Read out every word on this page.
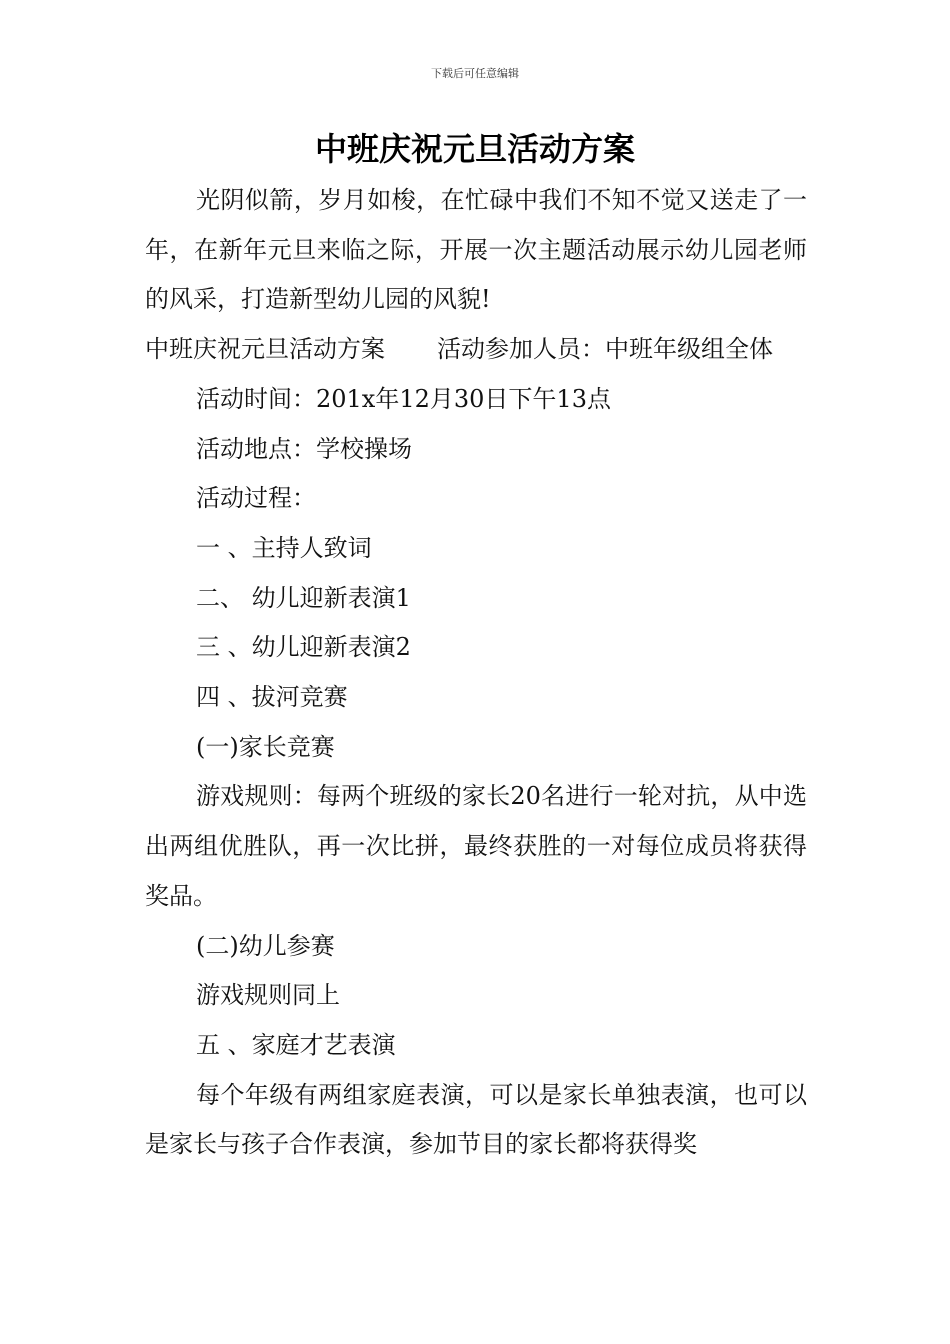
下载后可任意编辑
中班庆祝元旦活动方案

光阴似箭，岁月如梭，在忙碌中我们不知不觉又送走了一年，在新年元旦来临之际，开展一次主题活动展示幼儿园老师的风采，打造新型幼儿园的风貌!

中班庆祝元旦活动方案 活动参加人员：中班年级组全体

活动时间：201x年12月30日下午13点

活动地点：学校操场

活动过程：

一 、主持人致词

二、 幼儿迎新表演1

三 、幼儿迎新表演2

四 、拔河竞赛

(一)家长竞赛

游戏规则：每两个班级的家长20名进行一轮对抗，从中选出两组优胜队，再一次比拼，最终获胜的一对每位成员将获得奖品。

(二)幼儿参赛

游戏规则同上

五 、家庭才艺表演

每个年级有两组家庭表演，可以是家长单独表演，也可以是家长与孩子合作表演，参加节目的家长都将获得奖
